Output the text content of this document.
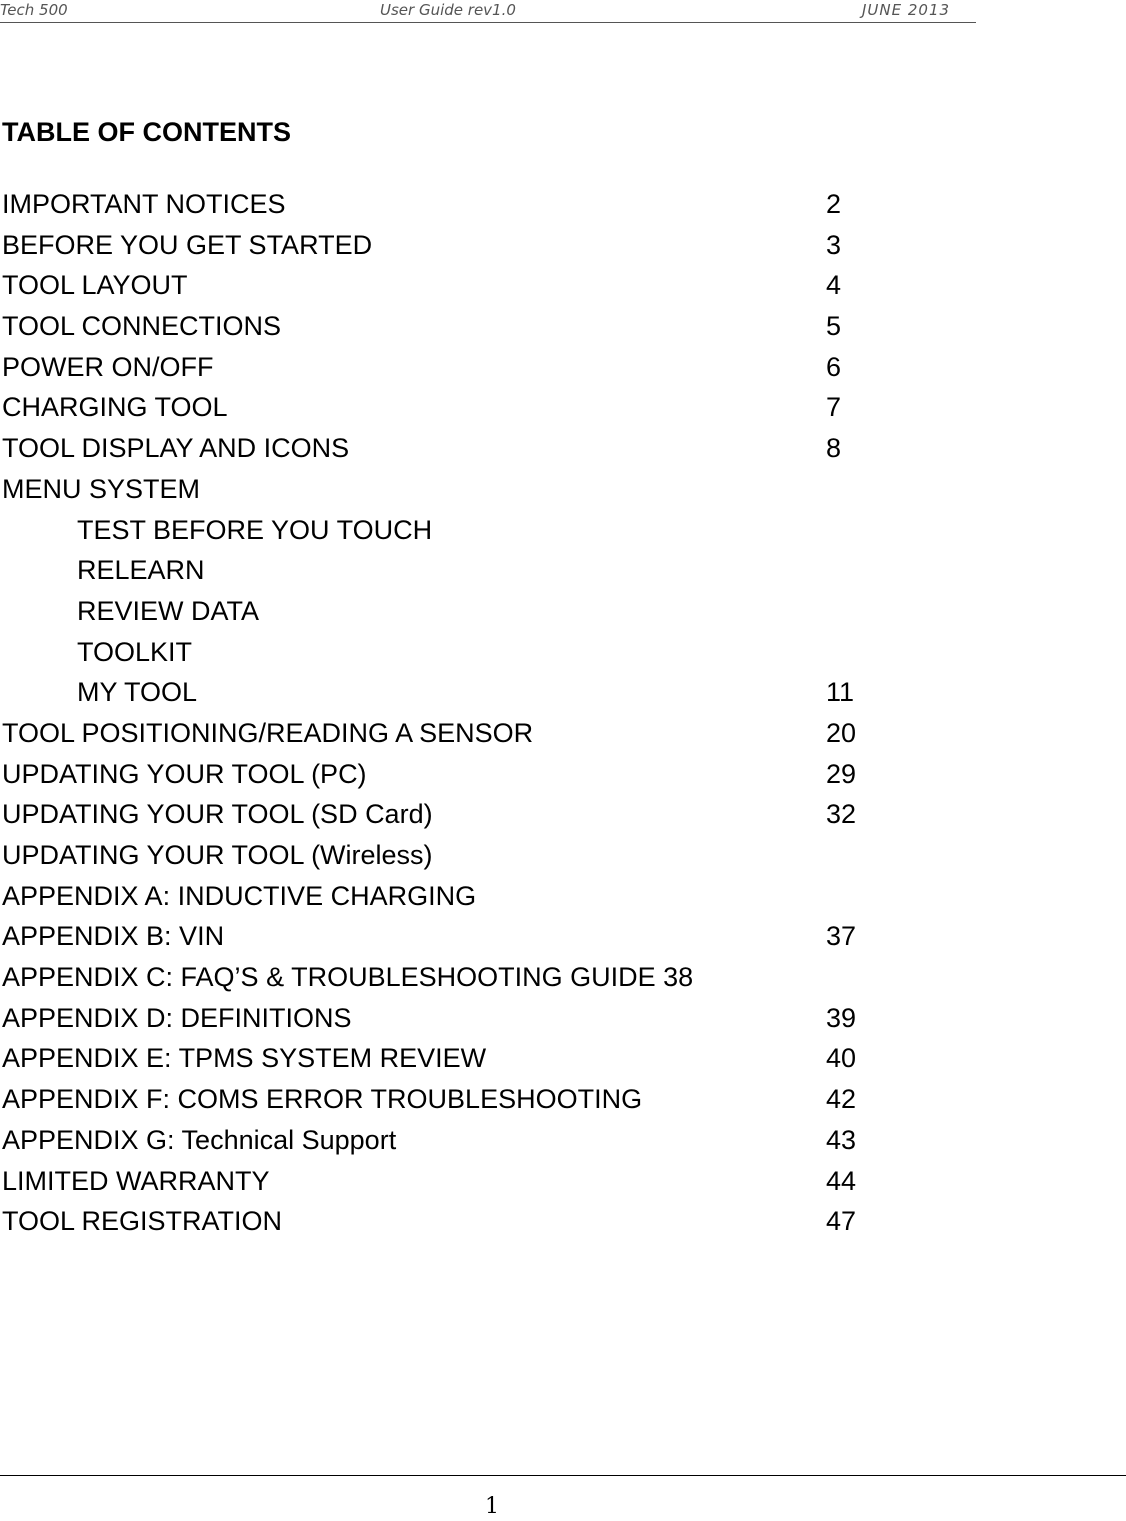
Tech 500	User Guide rev1.0	JUNE 2013
TABLE OF CONTENTS
IMPORTANT NOTICES	2
BEFORE YOU GET STARTED	3
TOOL LAYOUT	4
TOOL CONNECTIONS	5
POWER ON/OFF	6
CHARGING TOOL	7
TOOL DISPLAY AND ICONS	8
MENU SYSTEM
TEST BEFORE YOU TOUCH
RELEARN
REVIEW DATA
TOOLKIT
MY TOOL	11
TOOL POSITIONING/READING A SENSOR	20
UPDATING YOUR TOOL (PC)	29
UPDATING YOUR TOOL (SD Card)	32
UPDATING YOUR TOOL (Wireless)
APPENDIX A: INDUCTIVE CHARGING
APPENDIX B: VIN	37
APPENDIX C: FAQ’S & TROUBLESHOOTING GUIDE 38
APPENDIX D: DEFINITIONS	39
APPENDIX E: TPMS SYSTEM REVIEW	40
APPENDIX F: COMS ERROR TROUBLESHOOTING	42
APPENDIX G: Technical Support	43
LIMITED WARRANTY	44
TOOL REGISTRATION	47
1
